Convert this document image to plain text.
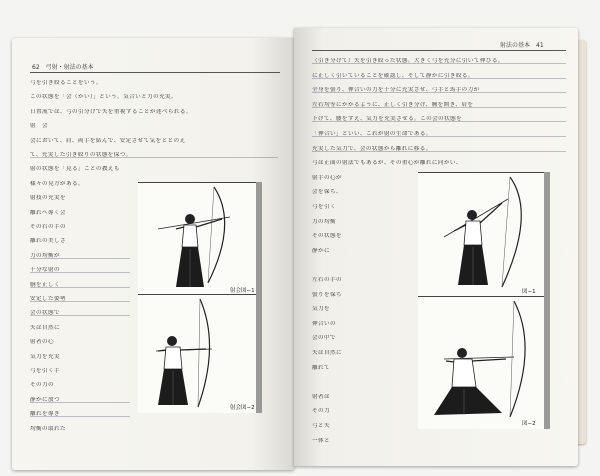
62　弓射・射法の基本
弓を引き絞ることをいう。
この状態を「会（かい）」という。気合いと力の充実。
日置流では、弓の引分けで矢を重視することが述べられる。
射　会
会において、肩、両手を結んで、安定させて気をととのえ
て、充実した引き絞りの状態を保つ。
射の状態を「見る」ことの教えも
様々の見方がある。
射技の充実を
離れへ導く会
その右の手の
離れの美しさ
力の均衡が
十分な射の
胴を正しく
安定した姿勢
会の状態で
矢は自然に
射者の心
気力を充実
弓を引く手
その力の
静かに放つ
離れを導き
均衡の取れた
射会図−1
射会図−2
射法の基本　41
（引き分けて）矢を引き絞った状態。大きく弓を充分に引いて伸びる。
に正しく引いていることを確認し、そして静かに引き絞る。
全身を張り、伸合いの力を十分に充実させ、弓手と馬手の力が
左右均等にかかるように、正しく引き分け、胸を開き、肩を
下げて、腰をすえ、気力を充実させる。この会の状態を
「伸合い」といい、これが射の生命である。
充実した気力で、会の状態から離れに移る。
弓は正面の射法でもあるが、その重心が離れに向かい、
射手の心が
会を保ち、
弓を引く
力の均衡
その状態を
静かに

左右の手の
張りを保ち
気力を
伸合いの
会の中で
矢は自然に
離れて

射者は
その力
弓と矢
一体と
図−1
図−2
